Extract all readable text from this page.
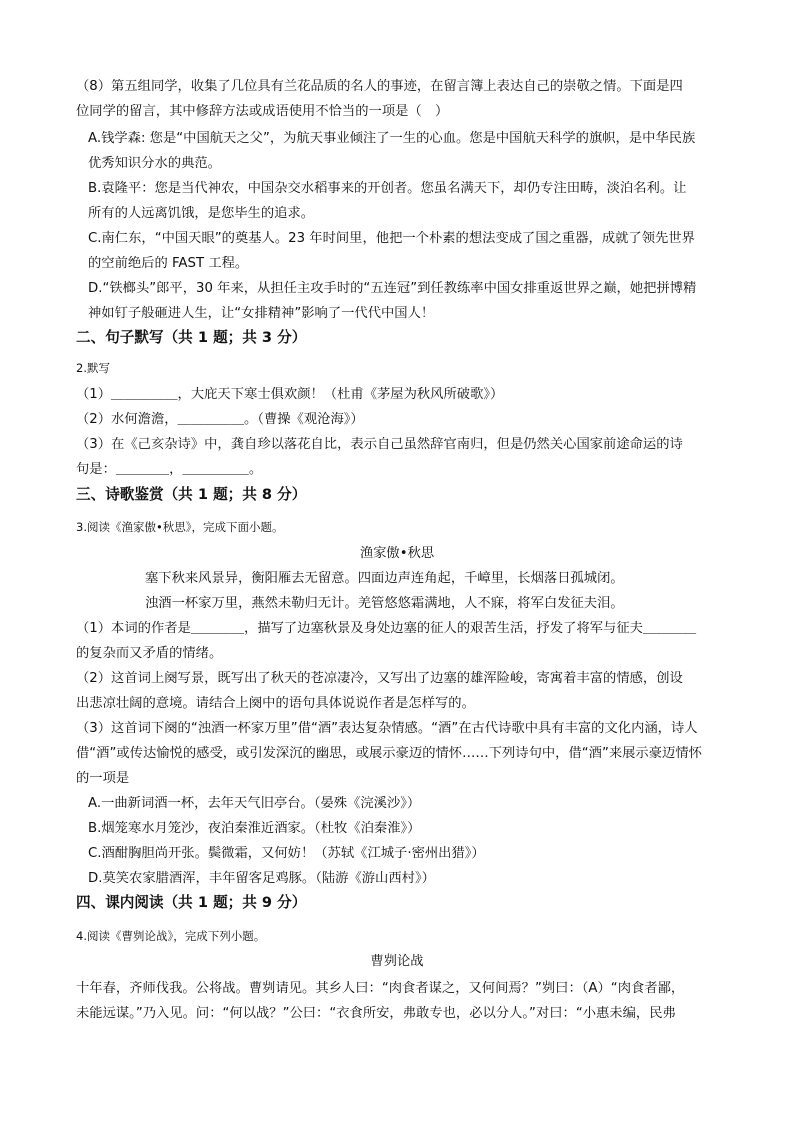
（8）第五组同学，收集了几位具有兰花品质的名人的事迹，在留言簿上表达自己的崇敬之情。下面是四
位同学的留言，其中修辞方法或成语使用不恰当的一项是（　）
A.钱学森: 您是“中国航天之父”，为航天事业倾注了一生的心血。您是中国航天科学的旗帜，是中华民族
优秀知识分水的典范。
B.袁隆平：您是当代神农，中国杂交水稻事来的开创者。您虽名满天下，却仍专注田畴，淡泊名利。让
所有的人远离饥饿，是您毕生的追求。
C.南仁东，“中国天眼”的奠基人。23 年时间里，他把一个朴素的想法变成了国之重器，成就了领先世界
的空前绝后的 FAST 工程。
D.“铁榔头”郎平，30 年来，从担任主攻手时的“五连冠”到任教练率中国女排重返世界之巅，她把拼博精
神如钉子般砸进人生，让“女排精神”影响了一代代中国人！
二、句子默写（共 1 题；共 3 分）
2.默写
（1）＿＿＿＿＿，大庇天下寒士俱欢颜！（杜甫《茅屋为秋风所破歌》）
（2）水何澹澹，＿＿＿＿＿。（曹操《观沧海》）
（3）在《己亥杂诗》中，龚自珍以落花自比，表示自己虽然辞官南归，但是仍然关心国家前途命运的诗
句是：＿＿＿＿，＿＿＿＿＿。
三、诗歌鉴赏（共 1 题；共 8 分）
3.阅读《渔家傲•秋思》，完成下面小题。
渔家傲•秋思
塞下秋来风景异，衡阳雁去无留意。四面边声连角起，千嶂里，长烟落日孤城闭。
浊酒一杯家万里，燕然未勒归无计。羌管悠悠霜满地，人不寐，将军白发征夫泪。
（1）本词的作者是＿＿＿＿，描写了边塞秋景及身处边塞的征人的艰苦生活，抒发了将军与征夫＿＿＿＿
的复杂而又矛盾的情绪。
（2）这首词上阕写景，既写出了秋天的苍凉凄冷，又写出了边塞的雄浑险峻，寄寓着丰富的情感，创设
出悲凉壮阔的意境。请结合上阕中的语句具体说说作者是怎样写的。
（3）这首词下阕的“浊酒一杯家万里”借“酒”表达复杂情感。“酒”在古代诗歌中具有丰富的文化内涵，诗人
借“酒”或传达愉悦的感受，或引发深沉的幽思，或展示豪迈的情怀……下列诗句中，借“酒”来展示豪迈情怀
的一项是
A.一曲新词酒一杯，去年天气旧亭台。（晏殊《浣溪沙》）
B.烟笼寒水月笼沙，夜泊秦淮近酒家。（杜牧《泊秦淮》）
C.酒酣胸胆尚开张。鬓微霜，又何妨！（苏轼《江城子·密州出猎》）
D.莫笑农家腊酒浑，丰年留客足鸡豚。（陆游《游山西村》）
四、课内阅读（共 1 题；共 9 分）
4.阅读《曹刿论战》，完成下列小题。
曹刿论战
十年春，齐师伐我。公将战。曹刿请见。其乡人曰：“肉食者谋之，又何间焉？”刿曰：（A）“肉食者鄙，
未能远谋。”乃入见。问：“何以战？”公曰：“衣食所安，弗敢专也，必以分人。”对曰：“小惠未编，民弗
